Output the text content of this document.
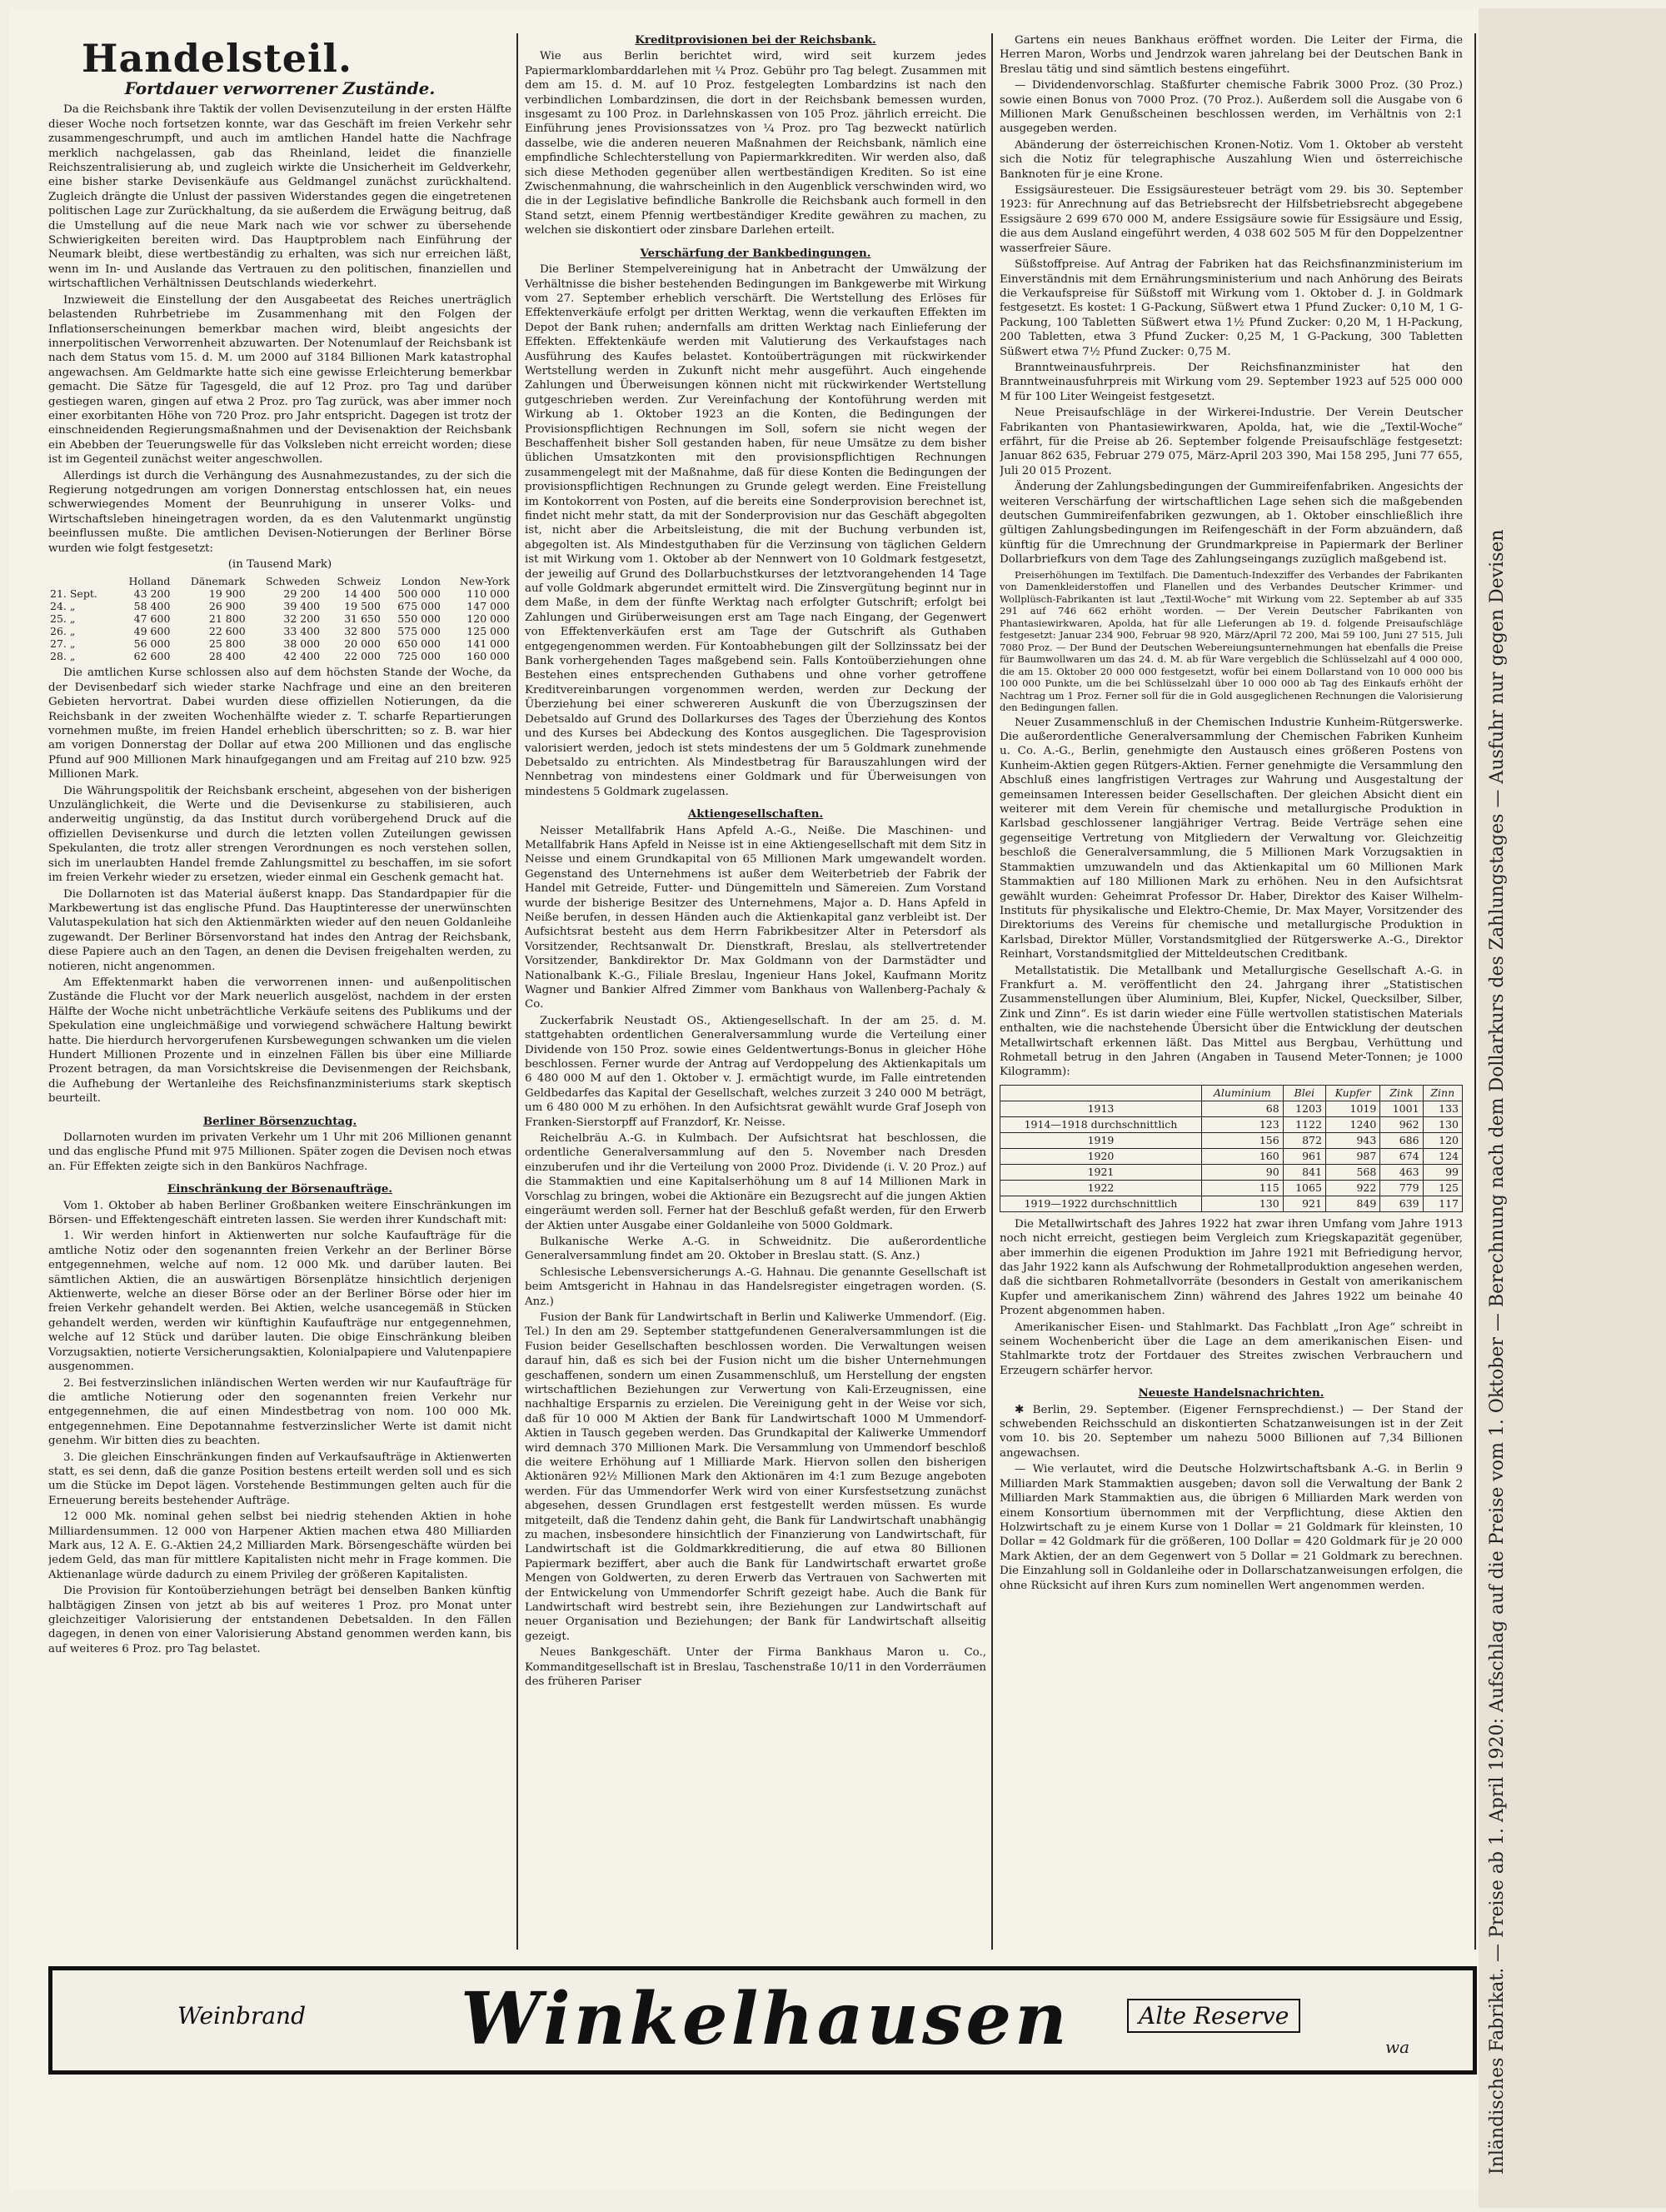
Handelsteil.
Fortdauer verworrener Zustände.

Da die Reichsbank ihre Taktik der vollen Devisenzuteilung in der ersten Hälfte dieser Woche noch fortsetzen konnte, war das Geschäft im freien Verkehr sehr zusammengeschrumpft, und auch im amtlichen Handel hatte die Nachfrage merklich nachgelassen, gab das Rheinland, leidet die finanzielle Reichszentralisierung ab, und zugleich wirkte die Unsicherheit im Geldverkehr, eine bisher starke Devisenkäufe aus Geldmangel zunächst zurückhaltend. Zugleich drängte die Unlust der passiven Widerstandes gegen die eingetretenen politischen Lage zur Zurückhaltung, da sie außerdem die Erwägung beitrug, daß die Umstellung auf die neue Mark nach wie vor schwer zu übersehende Schwierigkeiten bereiten wird. Das Hauptproblem nach Einführung der Neumark bleibt, diese wertbeständig zu erhalten, was sich nur erreichen läßt, wenn im In- und Auslande das Vertrauen zu den politischen, finanziellen und wirtschaftlichen Verhältnissen Deutschlands wiederkehrt.

Inzwieweit die Einstellung der den Ausgabeetat des Reiches unerträglich belastenden Ruhrbetriebe im Zusammenhang mit den Folgen der Inflationserscheinungen bemerkbar machen wird, bleibt angesichts der innerpolitischen Verworrenheit abzuwarten. Der Notenumlauf der Reichsbank ist nach dem Status vom 15. d. M. um 2000 auf 3184 Billionen Mark katastrophal angewachsen. Am Geldmarkte hatte sich eine gewisse Erleichterung bemerkbar gemacht. Die Sätze für Tagesgeld, die auf 12 Proz. pro Tag und darüber gestiegen waren, gingen auf etwa 2 Proz. pro Tag zurück, was aber immer noch einer exorbitanten Höhe von 720 Proz. pro Jahr entspricht. Dagegen ist trotz der einschneidenden Regierungsmaßnahmen und der Devisenaktion der Reichsbank ein Abebben der Teuerungswelle für das Volksleben nicht erreicht worden; diese ist im Gegenteil zunächst weiter angeschwollen.

Allerdings ist durch die Verhängung des Ausnahmezustandes, zu der sich die Regierung notgedrungen am vorigen Donnerstag entschlossen hat, ein neues schwerwiegendes Moment der Beunruhigung in unserer Volks- und Wirtschaftsleben hineingetragen worden, da es den Valutenmarkt ungünstig beeinflussen mußte. Die amtlichen Devisen-Notierungen der Berliner Börse wurden wie folgt festgesetzt:

(in Tausend Mark)
	Holland	Dänemark	Schweden	Schweiz	London	New-York
21. Sept.	43 200	19 900	29 200	14 400	500 000	110 000
24. „	58 400	26 900	39 400	19 500	675 000	147 000
25. „	47 600	21 800	32 200	31 650	550 000	120 000
26. „	49 600	22 600	33 400	32 800	575 000	125 000
27. „	56 000	25 800	38 000	20 000	650 000	141 000
28. „	62 600	28 400	42 400	22 000	725 000	160 000

Die amtlichen Kurse schlossen also auf dem höchsten Stande der Woche, da der Devisenbedarf sich wieder starke Nachfrage und eine an den breiteren Gebieten hervortrat. Dabei wurden diese offiziellen Notierungen, da die Reichsbank in der zweiten Wochenhälfte wieder z. T. scharfe Repartierungen vornehmen mußte, im freien Handel erheblich überschritten; so z. B. war hier am vorigen Donnerstag der Dollar auf etwa 200 Millionen und das englische Pfund auf 900 Millionen Mark hinaufgegangen und am Freitag auf 210 bzw. 925 Millionen Mark.

Die Währungspolitik der Reichsbank erscheint, abgesehen von der bisherigen Unzulänglichkeit, die Werte und die Devisenkurse zu stabilisieren, auch anderweitig ungünstig, da das Institut durch vorübergehend Druck auf die offiziellen Devisenkurse und durch die letzten vollen Zuteilungen gewissen Spekulanten, die trotz aller strengen Verordnungen es noch verstehen sollen, sich im unerlaubten Handel fremde Zahlungsmittel zu beschaffen, im sie sofort im freien Verkehr wieder zu ersetzen, wieder einmal ein Geschenk gemacht hat.

Die Dollarnoten ist das Material äußerst knapp. Das Standardpapier für die Markbewertung ist das englische Pfund. Das Hauptinteresse der unerwünschten Valutaspekulation hat sich den Aktienmärkten wieder auf den neuen Goldanleihe zugewandt. Der Berliner Börsenvorstand hat indes den Antrag der Reichsbank, diese Papiere auch an den Tagen, an denen die Devisen freigehalten werden, zu notieren, nicht angenommen.

Am Effektenmarkt haben die verworrenen innen- und außenpolitischen Zustände die Flucht vor der Mark neuerlich ausgelöst, nachdem in der ersten Hälfte der Woche nicht unbeträchtliche Verkäufe seitens des Publikums und der Spekulation eine ungleichmäßige und vorwiegend schwächere Haltung bewirkt hatte. Die hierdurch hervorgerufenen Kursbewegungen schwanken um die vielen Hundert Millionen Prozente und in einzelnen Fällen bis über eine Milliarde Prozent betragen, da man Vorsichtskreise die Devisenmengen der Reichsbank, die Aufhebung der Wertanleihe des Reichsfinanzministeriums stark skeptisch beurteilt.

Berliner Börsenzuchtag.

Dollarnoten wurden im privaten Verkehr um 1 Uhr mit 206 Millionen genannt und das englische Pfund mit 975 Millionen. Später zogen die Devisen noch etwas an. Für Effekten zeigte sich in den Banküros Nachfrage.

Einschränkung der Börsenaufträge.

Vom 1. Oktober ab haben Berliner Großbanken weitere Einschränkungen im Börsen- und Effektengeschäft eintreten lassen. Sie werden ihrer Kundschaft mit:

1. Wir werden hinfort in Aktienwerten nur solche Kaufaufträge für die amtliche Notiz oder den sogenannten freien Verkehr an der Berliner Börse entgegennehmen, welche auf nom. 12 000 Mk. und darüber lauten. Bei sämtlichen Aktien, die an auswärtigen Börsenplätze hinsichtlich derjenigen Aktienwerte, welche an dieser Börse oder an der Berliner Börse oder hier im freien Verkehr gehandelt werden. Bei Aktien, welche usancegemäß in Stücken gehandelt werden, werden wir künftighin Kaufaufträge nur entgegennehmen, welche auf 12 Stück und darüber lauten. Die obige Einschränkung bleiben Vorzugsaktien, notierte Versicherungsaktien, Kolonialpapiere und Valutenpapiere ausgenommen.

2. Bei festverzinslichen inländischen Werten werden wir nur Kaufaufträge für die amtliche Notierung oder den sogenannten freien Verkehr nur entgegennehmen, die auf einen Mindestbetrag von nom. 100 000 Mk. entgegennehmen. Eine Depotannahme festverzinslicher Werte ist damit nicht genehm. Wir bitten dies zu beachten.

3. Die gleichen Einschränkungen finden auf Verkaufsaufträge in Aktienwerten statt, es sei denn, daß die ganze Position bestens erteilt werden soll und es sich um die Stücke im Depot lägen. Vorstehende Bestimmungen gelten auch für die Erneuerung bereits bestehender Aufträge.

12 000 Mk. nominal gehen selbst bei niedrig stehenden Aktien in hohe Milliardensummen. 12 000 von Harpener Aktien machen etwa 480 Milliarden Mark aus, 12 A. E. G.-Aktien 24,2 Milliarden Mark. Börsengeschäfte würden bei jedem Geld, das man für mittlere Kapitalisten nicht mehr in Frage kommen. Die Aktienanlage würde dadurch zu einem Privileg der größeren Kapitalisten.

Die Provision für Kontoüberziehungen beträgt bei denselben Banken künftig halbtägigen Zinsen von jetzt ab bis auf weiteres 1 Proz. pro Monat unter gleichzeitiger Valorisierung der entstandenen Debetsalden. In den Fällen dagegen, in denen von einer Valorisierung Abstand genommen werden kann, bis auf weiteres 6 Proz. pro Tag belastet.

Kreditprovisionen bei der Reichsbank.

Wie aus Berlin berichtet wird, wird seit kurzem jedes Papiermarklombarddarlehen mit ¼ Proz. Gebühr pro Tag belegt. Zusammen mit dem am 15. d. M. auf 10 Proz. festgelegten Lombardzins ist nach den verbindlichen Lombardzinsen, die dort in der Reichsbank bemessen wurden, insgesamt zu 100 Proz. in Darlehnskassen von 105 Proz. jährlich erreicht. Die Einführung jenes Provisionssatzes von ¼ Proz. pro Tag bezweckt natürlich dasselbe, wie die anderen neueren Maßnahmen der Reichsbank, nämlich eine empfindliche Schlechterstellung von Papiermarkkrediten. Wir werden also, daß sich diese Methoden gegenüber allen wertbeständigen Krediten. So ist eine Zwischenmahnung, die wahrscheinlich in den Augenblick verschwinden wird, wo die in der Legislative befindliche Bankrolle die Reichsbank auch formell in den Stand setzt, einem Pfennig wertbeständiger Kredite gewähren zu machen, zu welchen sie diskontiert oder zinsbare Darlehen erteilt.

Verschärfung der Bankbedingungen.

Die Berliner Stempelvereinigung hat in Anbetracht der Umwälzung der Verhältnisse die bisher bestehenden Bedingungen im Bankgewerbe mit Wirkung vom 27. September erheblich verschärft. Die Wertstellung des Erlöses für Effektenverkäufe erfolgt per dritten Werktag, wenn die verkauften Effekten im Depot der Bank ruhen; andernfalls am dritten Werktag nach Einlieferung der Effekten. Effektenkäufe werden mit Valutierung des Verkaufstages nach Ausführung des Kaufes belastet. Kontoüberträgungen mit rückwirkender Wertstellung werden in Zukunft nicht mehr ausgeführt. Auch eingehende Zahlungen und Überweisungen können nicht mit rückwirkender Wertstellung gutgeschrieben werden. Zur Vereinfachung der Kontoführung werden mit Wirkung ab 1. Oktober 1923 an die Konten, die Bedingungen der Provisionspflichtigen Rechnungen im Soll, sofern sie nicht wegen der Beschaffenheit bisher Soll gestanden haben, für neue Umsätze zu dem bisher üblichen Umsatzkonten mit den provisionspflichtigen Rechnungen zusammengelegt mit der Maßnahme, daß für diese Konten die Bedingungen der provisionspflichtigen Rechnungen zu Grunde gelegt werden. Eine Freistellung im Kontokorrent von Posten, auf die bereits eine Sonderprovision berechnet ist, findet nicht mehr statt, da mit der Sonderprovision nur das Geschäft abgegolten ist, nicht aber die Arbeitsleistung, die mit der Buchung verbunden ist, abgegolten ist. Als Mindestguthaben für die Verzinsung von täglichen Geldern ist mit Wirkung vom 1. Oktober ab der Nennwert von 10 Goldmark festgesetzt, der jeweilig auf Grund des Dollarbuchstkurses der letztvorangehenden 14 Tage auf volle Goldmark abgerundet ermittelt wird. Die Zinsvergütung beginnt nur in dem Maße, in dem der fünfte Werktag nach erfolgter Gutschrift; erfolgt bei Zahlungen und Girüberweisungen erst am Tage nach Eingang, der Gegenwert von Effektenverkäufen erst am Tage der Gutschrift als Guthaben entgegengenommen werden. Für Kontoabhebungen gilt der Sollzinssatz bei der Bank vorhergehenden Tages maßgebend sein. Falls Kontoüberziehungen ohne Bestehen eines entsprechenden Guthabens und ohne vorher getroffene Kreditvereinbarungen vorgenommen werden, werden zur Deckung der Überziehung bei einer schwereren Auskunft die von Überzugszinsen der Debetsaldo auf Grund des Dollarkurses des Tages der Überziehung des Kontos und des Kurses bei Abdeckung des Kontos ausgeglichen. Die Tagesprovision valorisiert werden, jedoch ist stets mindestens der um 5 Goldmark zunehmende Debetsaldo zu entrichten. Als Mindestbetrag für Barauszahlungen wird der Nennbetrag von mindestens einer Goldmark und für Überweisungen von mindestens 5 Goldmark zugelassen.

Aktiengesellschaften.

Neisser Metallfabrik Hans Apfeld A.-G., Neiße. Die Maschinen- und Metallfabrik Hans Apfeld in Neisse ist in eine Aktiengesellschaft mit dem Sitz in Neisse und einem Grundkapital von 65 Millionen Mark umgewandelt worden. Gegenstand des Unternehmens ist außer dem Weiterbetrieb der Fabrik der Handel mit Getreide, Futter- und Düngemitteln und Sämereien. Zum Vorstand wurde der bisherige Besitzer des Unternehmens, Major a. D. Hans Apfeld in Neiße berufen, in dessen Händen auch die Aktienkapital ganz verbleibt ist. Der Aufsichtsrat besteht aus dem Herrn Fabrikbesitzer Alter in Petersdorf als Vorsitzender, Rechtsanwalt Dr. Dienstkraft, Breslau, als stellvertretender Vorsitzender, Bankdirektor Dr. Max Goldmann von der Darmstädter und Nationalbank K.-G., Filiale Breslau, Ingenieur Hans Jokel, Kaufmann Moritz Wagner und Bankier Alfred Zimmer vom Bankhaus von Wallenberg-Pachaly & Co.

Zuckerfabrik Neustadt OS., Aktiengesellschaft. In der am 25. d. M. stattgehabten ordentlichen Generalversammlung wurde die Verteilung einer Dividende von 150 Proz. sowie eines Geldentwertungs-Bonus in gleicher Höhe beschlossen. Ferner wurde der Antrag auf Verdoppelung des Aktienkapitals um 6 480 000 M auf den 1. Oktober v. J. ermächtigt wurde, im Falle eintretenden Geldbedarfes das Kapital der Gesellschaft, welches zurzeit 3 240 000 M beträgt, um 6 480 000 M zu erhöhen. In den Aufsichtsrat gewählt wurde Graf Joseph von Franken-Sierstorpff auf Franzdorf, Kr. Neisse.

Reichelbräu A.-G. in Kulmbach. Der Aufsichtsrat hat beschlossen, die ordentliche Generalversammlung auf den 5. November nach Dresden einzuberufen und ihr die Verteilung von 2000 Proz. Dividende (i. V. 20 Proz.) auf die Stammaktien und eine Kapitalserhöhung um 8 auf 14 Millionen Mark in Vorschlag zu bringen, wobei die Aktionäre ein Bezugsrecht auf die jungen Aktien eingeräumt werden soll. Ferner hat der Beschluß gefaßt werden, für den Erwerb der Aktien unter Ausgabe einer Goldanleihe von 5000 Goldmark.

Bulkanische Werke A.-G. in Schweidnitz. Die außerordentliche Generalversammlung findet am 20. Oktober in Breslau statt. (S. Anz.)

Schlesische Lebensversicherungs A.-G. Hahnau. Die genannte Gesellschaft ist beim Amtsgericht in Hahnau in das Handelsregister eingetragen worden. (S. Anz.)

Fusion der Bank für Landwirtschaft in Berlin und Kaliwerke Ummendorf. (Eig. Tel.) In den am 29. September stattgefundenen Generalversammlungen ist die Fusion beider Gesellschaften beschlossen worden. Die Verwaltungen weisen darauf hin, daß es sich bei der Fusion nicht um die bisher Unternehmungen geschaffenen, sondern um einen Zusammenschluß, um Herstellung der engsten wirtschaftlichen Beziehungen zur Verwertung von Kali-Erzeugnissen, eine nachhaltige Ersparnis zu erzielen. Die Vereinigung geht in der Weise vor sich, daß für 10 000 M Aktien der Bank für Landwirtschaft 1000 M Ummendorf-Aktien in Tausch gegeben werden. Das Grundkapital der Kaliwerke Ummendorf wird demnach 370 Millionen Mark. Die Versammlung von Ummendorf beschloß die weitere Erhöhung auf 1 Milliarde Mark. Hiervon sollen den bisherigen Aktionären 92½ Millionen Mark den Aktionären im 4:1 zum Bezuge angeboten werden. Für das Ummendorfer Werk wird von einer Kursfestsetzung zunächst abgesehen, dessen Grundlagen erst festgestellt werden müssen. Es wurde mitgeteilt, daß die Tendenz dahin geht, die Bank für Landwirtschaft unabhängig zu machen, insbesondere hinsichtlich der Finanzierung von Landwirtschaft, für Landwirtschaft ist die Goldmarkkreditierung, die auf etwa 80 Billionen Papiermark beziffert, aber auch die Bank für Landwirtschaft erwartet große Mengen von Goldwerten, zu deren Erwerb das Vertrauen von Sachwerten mit der Entwickelung von Ummendorfer Schrift gezeigt habe. Auch die Bank für Landwirtschaft wird bestrebt sein, ihre Beziehungen zur Landwirtschaft auf neuer Organisation und Beziehungen; der Bank für Landwirtschaft allseitig gezeigt.

Neues Bankgeschäft. Unter der Firma Bankhaus Maron u. Co., Kommanditgesellschaft ist in Breslau, Taschenstraße 10/11 in den Vorderräumen des früheren Pariser

Gartens ein neues Bankhaus eröffnet worden. Die Leiter der Firma, die Herren Maron, Worbs und Jendrzok waren jahrelang bei der Deutschen Bank in Breslau tätig und sind sämtlich bestens eingeführt.

— Dividendenvorschlag. Staßfurter chemische Fabrik 3000 Proz. (30 Proz.) sowie einen Bonus von 7000 Proz. (70 Proz.). Außerdem soll die Ausgabe von 6 Millionen Mark Genußscheinen beschlossen werden, im Verhältnis von 2:1 ausgegeben werden.

Abänderung der österreichischen Kronen-Notiz. Vom 1. Oktober ab versteht sich die Notiz für telegraphische Auszahlung Wien und österreichische Banknoten für je eine Krone.

Essigsäuresteuer. Die Essigsäuresteuer beträgt vom 29. bis 30. September 1923: für Anrechnung auf das Betriebsrecht der Hilfsbetriebsrecht abgegebene Essigsäure 2 699 670 000 M, andere Essigsäure sowie für Essigsäure und Essig, die aus dem Ausland eingeführt werden, 4 038 602 505 M für den Doppelzentner wasserfreier Säure.

Süßstoffpreise. Auf Antrag der Fabriken hat das Reichsfinanzministerium im Einverständnis mit dem Ernährungsministerium und nach Anhörung des Beirats die Verkaufspreise für Süßstoff mit Wirkung vom 1. Oktober d. J. in Goldmark festgesetzt. Es kostet: 1 G-Packung, Süßwert etwa 1 Pfund Zucker: 0,10 M, 1 G-Packung, 100 Tabletten Süßwert etwa 1½ Pfund Zucker: 0,20 M, 1 H-Packung, 200 Tabletten, etwa 3 Pfund Zucker: 0,25 M, 1 G-Packung, 300 Tabletten Süßwert etwa 7½ Pfund Zucker: 0,75 M.

Branntweinausfuhrpreis. Der Reichsfinanzminister hat den Branntweinausfuhrpreis mit Wirkung vom 29. September 1923 auf 525 000 000 M für 100 Liter Weingeist festgesetzt.

Neue Preisaufschläge in der Wirkerei-Industrie. Der Verein Deutscher Fabrikanten von Phantasiewirkwaren, Apolda, hat, wie die „Textil-Woche“ erfährt, für die Preise ab 26. September folgende Preisaufschläge festgesetzt: Januar 862 635, Februar 279 075, März-April 203 390, Mai 158 295, Juni 77 655, Juli 20 015 Prozent.

Änderung der Zahlungsbedingungen der Gummireifenfabriken. Angesichts der weiteren Verschärfung der wirtschaftlichen Lage sehen sich die maßgebenden deutschen Gummireifenfabriken gezwungen, ab 1. Oktober einschließlich ihre gültigen Zahlungsbedingungen im Reifengeschäft in der Form abzuändern, daß künftig für die Umrechnung der Grundmarkpreise in Papiermark der Berliner Dollarbriefkurs von dem Tage des Zahlungseingangs zuzüglich maßgebend ist.

Preiserhöhungen im Textilfach. Die Damentuch-Indexziffer des Verbandes der Fabrikanten von Damenkleiderstoffen und Flanellen und des Verbandes Deutscher Krimmer- und Wollplüsch-Fabrikanten ist laut „Textil-Woche“ mit Wirkung vom 22. September ab auf 335 291 auf 746 662 erhöht worden. — Der Verein Deutscher Fabrikanten von Phantasiewirkwaren, Apolda, hat für alle Lieferungen ab 19. d. folgende Preisaufschläge festgesetzt: Januar 234 900, Februar 98 920, März/April 72 200, Mai 59 100, Juni 27 515, Juli 7080 Proz. — Der Bund der Deutschen Webereiungsunternehmungen hat ebenfalls die Preise für Baumwollwaren um das 24. d. M. ab für Ware vergeblich die Schlüsselzahl auf 4 000 000, die am 15. Oktober 20 000 000 festgesetzt, wofür bei einem Dollarstand von 10 000 000 bis 100 000 Punkte, um die bei Schlüsselzahl über 10 000 000 ab Tag des Einkaufs erhöht der Nachtrag um 1 Proz. Ferner soll für die in Gold ausgeglichenen Rechnungen die Valorisierung den Bedingungen fallen.

Neuer Zusammenschluß in der Chemischen Industrie Kunheim-Rütgerswerke. Die außerordentliche Generalversammlung der Chemischen Fabriken Kunheim u. Co. A.-G., Berlin, genehmigte den Austausch eines größeren Postens von Kunheim-Aktien gegen Rütgers-Aktien. Ferner genehmigte die Versammlung den Abschluß eines langfristigen Vertrages zur Wahrung und Ausgestaltung der gemeinsamen Interessen beider Gesellschaften. Der gleichen Absicht dient ein weiterer mit dem Verein für chemische und metallurgische Produktion in Karlsbad geschlossener langjähriger Vertrag. Beide Verträge sehen eine gegenseitige Vertretung von Mitgliedern der Verwaltung vor. Gleichzeitig beschloß die Generalversammlung, die 5 Millionen Mark Vorzugsaktien in Stammaktien umzuwandeln und das Aktienkapital um 60 Millionen Mark Stammaktien auf 180 Millionen Mark zu erhöhen. Neu in den Aufsichtsrat gewählt wurden: Geheimrat Professor Dr. Haber, Direktor des Kaiser Wilhelm-Instituts für physikalische und Elektro-Chemie, Dr. Max Mayer, Vorsitzender des Direktoriums des Vereins für chemische und metallurgische Produktion in Karlsbad, Direktor Müller, Vorstandsmitglied der Rütgerswerke A.-G., Direktor Reinhart, Vorstandsmitglied der Mitteldeutschen Creditbank.

Metallstatistik. Die Metallbank und Metallurgische Gesellschaft A.-G. in Frankfurt a. M. veröffentlicht den 24. Jahrgang ihrer „Statistischen Zusammenstellungen über Aluminium, Blei, Kupfer, Nickel, Quecksilber, Silber, Zink und Zinn“. Es ist darin wieder eine Fülle wertvollen statistischen Materials enthalten, wie die nachstehende Übersicht über die Entwicklung der deutschen Metallwirtschaft erkennen läßt. Das Mittel aus Bergbau, Verhüttung und Rohmetall betrug in den Jahren (Angaben in Tausend Meter-Tonnen; je 1000 Kilogramm):

	Aluminium	Blei	Kupfer	Zink	Zinn
1913	68	1203	1019	1001	133
1914—1918 durchschnittlich	123	1122	1240	962	130
1919	156	872	943	686	120
1920	160	961	987	674	124
1921	90	841	568	463	99
1922	115	1065	922	779	125
1919—1922 durchschnittlich	130	921	849	639	117

Die Metallwirtschaft des Jahres 1922 hat zwar ihren Umfang vom Jahre 1913 noch nicht erreicht, gestiegen beim Vergleich zum Kriegskapazität gegenüber, aber immerhin die eigenen Produktion im Jahre 1921 mit Befriedigung hervor, das Jahr 1922 kann als Aufschwung der Rohmetallproduktion angesehen werden, daß die sichtbaren Rohmetallvorräte (besonders in Gestalt von amerikanischem Kupfer und amerikanischem Zinn) während des Jahres 1922 um beinahe 40 Prozent abgenommen haben.

Amerikanischer Eisen- und Stahlmarkt. Das Fachblatt „Iron Age“ schreibt in seinem Wochenbericht über die Lage an dem amerikanischen Eisen- und Stahlmarkte trotz der Fortdauer des Streites zwischen Verbrauchern und Erzeugern schärfer hervor.

Neueste Handelsnachrichten.

✱ Berlin, 29. September. (Eigener Fernsprechdienst.) — Der Stand der schwebenden Reichsschuld an diskontierten Schatzanweisungen ist in der Zeit vom 10. bis 20. September um nahezu 5000 Billionen auf 7,34 Billionen angewachsen.

— Wie verlautet, wird die Deutsche Holzwirtschaftsbank A.-G. in Berlin 9 Milliarden Mark Stammaktien ausgeben; davon soll die Verwaltung der Bank 2 Milliarden Mark Stammaktien aus, die übrigen 6 Milliarden Mark werden von einem Konsortium übernommen mit der Verpflichtung, diese Aktien den Holzwirtschaft zu je einem Kurse von 1 Dollar = 21 Goldmark für kleinsten, 10 Dollar = 42 Goldmark für die größeren, 100 Dollar = 420 Goldmark für je 20 000 Mark Aktien, der an dem Gegenwert von 5 Dollar = 21 Goldmark zu berechnen. Die Einzahlung soll in Goldanleihe oder in Dollarschatzanweisungen erfolgen, die ohne Rücksicht auf ihren Kurs zum nominellen Wert angenommen werden.

Weinbrand Winkelhausen	Alte Reserve
wa	Inländisches Fabrikat. — Preise ab 1. April 1920: Aufschlag auf die Preise vom 1. Oktober — Berechnung nach dem Dollarkurs des Zahlungstages — Ausfuhr nur gegen Devisen
